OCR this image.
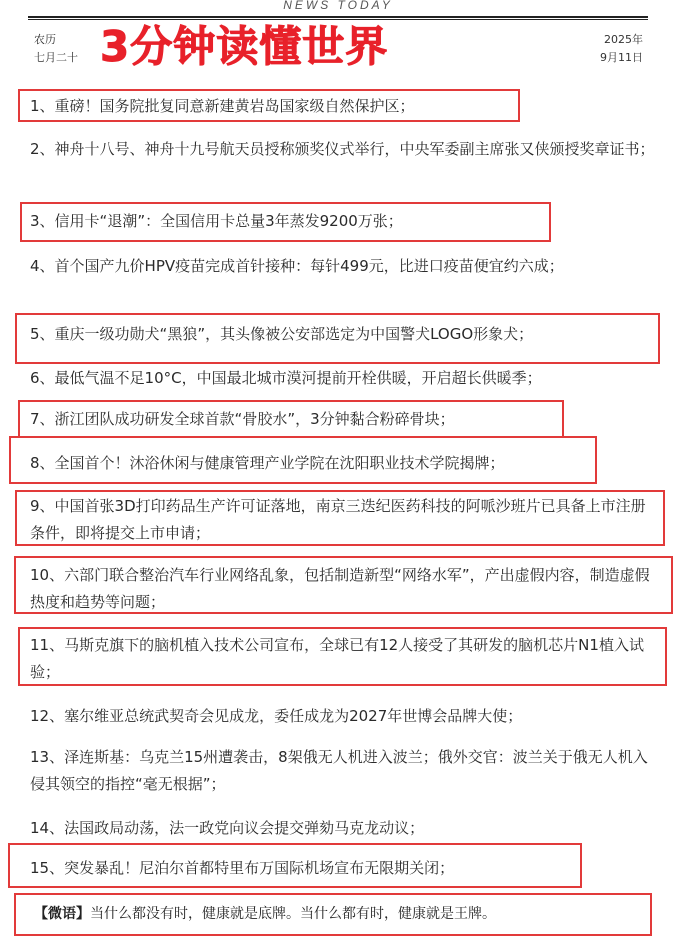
NEWS TODAY
农历
七月二十 3分钟读懂世界	2025年
9月11日
1、重磅！国务院批复同意新建黄岩岛国家级自然保护区；
2、神舟十八号、神舟十九号航天员授称颁奖仪式举行，中央军委副主席张又侠颁授奖章证书；
3、信用卡“退潮”：全国信用卡总量3年蒸发9200万张；
4、首个国产九价HPV疫苗完成首针接种：每针499元，比进口疫苗便宜约六成；
5、重庆一级功勋犬“黑狼”，其头像被公安部选定为中国警犬LOGO形象犬；
6、最低气温不足10°C，中国最北城市漠河提前开栓供暖，开启超长供暖季；
7、浙江团队成功研发全球首款“骨胶水”，3分钟黏合粉碎骨块；
8、全国首个！沐浴休闲与健康管理产业学院在沈阳职业技术学院揭牌；
9、中国首张3D打印药品生产许可证落地，南京三迭纪医药科技的阿哌沙班片已具备上市注册条件，即将提交上市申请；
10、六部门联合整治汽车行业网络乱象，包括制造新型“网络水军”，产出虚假内容，制造虚假热度和趋势等问题；
11、马斯克旗下的脑机植入技术公司宣布，全球已有12人接受了其研发的脑机芯片N1植入试验；
12、塞尔维亚总统武契奇会见成龙，委任成龙为2027年世博会品牌大使；
13、泽连斯基：乌克兰15州遭袭击，8架俄无人机进入波兰；俄外交官：波兰关于俄无人机入侵其领空的指控“毫无根据”；
14、法国政局动荡，法一政党向议会提交弹劾马克龙动议；
15、突发暴乱！尼泊尔首都特里布万国际机场宣布无限期关闭；
【微语】当什么都没有时，健康就是底牌。当什么都有时，健康就是王牌。
